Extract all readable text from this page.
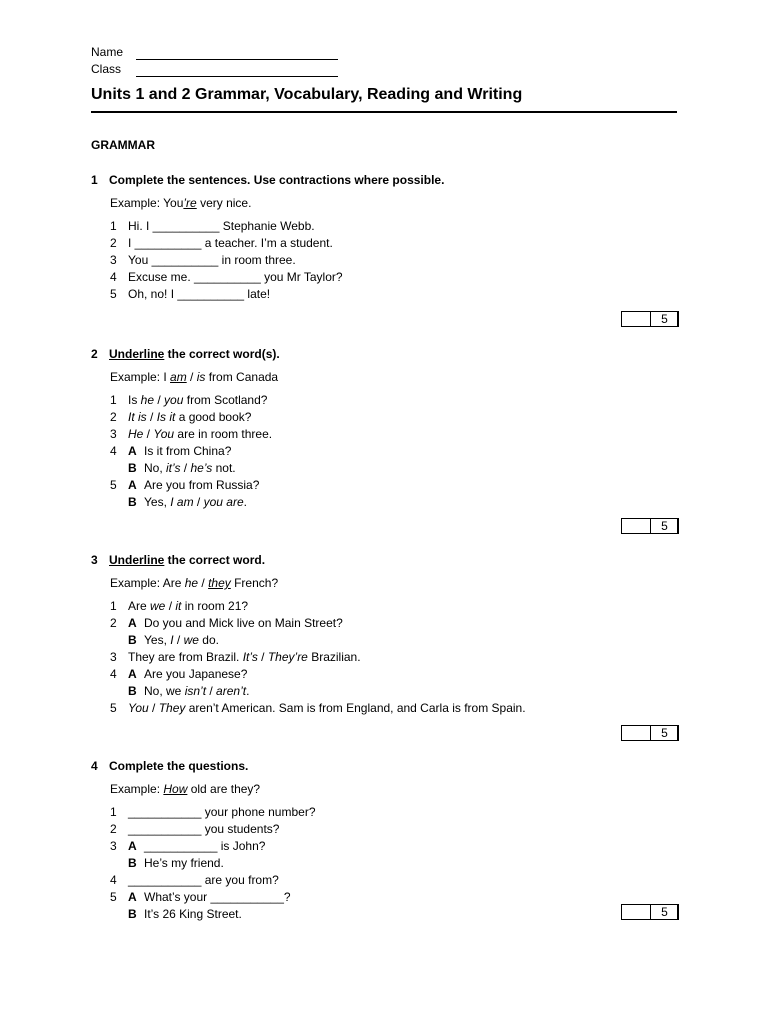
Name
Class
Units 1 and 2 Grammar, Vocabulary, Reading and Writing
GRAMMAR
1 Complete the sentences. Use contractions where possible.
Example: You’re very nice.
1 Hi. I __________ Stephanie Webb.
2 I __________ a teacher. I’m a student.
3 You __________ in room three.
4 Excuse me. __________ you Mr Taylor?
5 Oh, no! I __________ late!
5
2 Underline the correct word(s).
Example: I am / is from Canada
1 Is he / you from Scotland?
2 It is / Is it a good book?
3 He / You are in room three.
4 A Is it from China?
B No, it’s / he’s not.
5 A Are you from Russia?
B Yes, I am / you are.
5
3 Underline the correct word.
Example: Are he / they French?
1 Are we / it in room 21?
2 A Do you and Mick live on Main Street?
B Yes, I / we do.
3 They are from Brazil. It’s / They’re Brazilian.
4 A Are you Japanese?
B No, we isn’t / aren’t.
5 You / They aren’t American. Sam is from England, and Carla is from Spain.
5
4 Complete the questions.
Example: How old are they?
1 ___________ your phone number?
2 ___________ you students?
3 A ___________ is John?
B He’s my friend.
4 ___________ are you from?
5 A What’s your ___________?
B It’s 26 King Street.	5
